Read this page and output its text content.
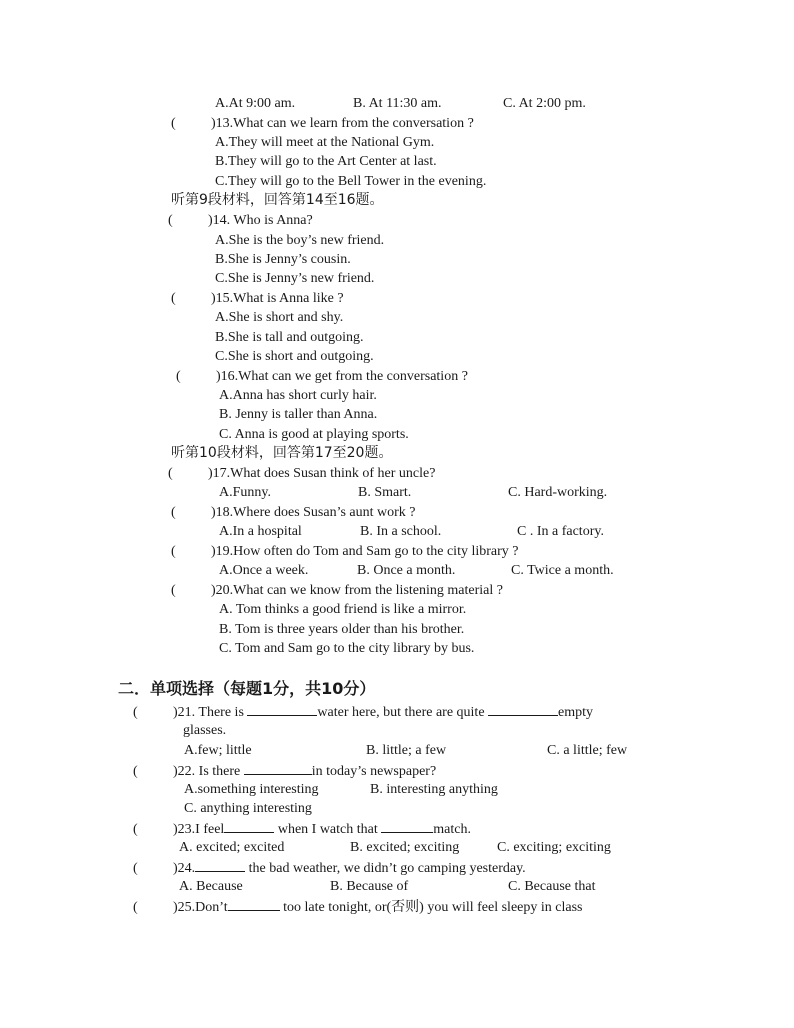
A.At 9:00 am.	B. At 11:30 am.	C. At 2:00 pm.
(	)13.What can we learn from the conversation ?
A.They will meet at the National Gym.
B.They will go to the Art Center at last.
C.They will go to the Bell Tower in the evening.
听第9段材料，回答第14至16题。
(	)14. Who is Anna?
A.She is the boy’s new friend.
B.She is Jenny’s cousin.
C.She is Jenny’s new friend.
(	)15.What is Anna like ?
A.She is short and shy.
B.She is tall and outgoing.
C.She is short and outgoing.
(	)16.What can we get from the conversation ?
A.Anna has short curly hair.
B. Jenny is taller than Anna.
C. Anna is good at playing sports.
听第10段材料，回答第17至20题。
(	)17.What does Susan think of her uncle?
A.Funny.	B. Smart.	C. Hard-working.
(	)18.Where does Susan’s aunt work ?
A.In a hospital	B. In a school.	C . In a factory.
(	)19.How often do Tom and Sam go to the city library ?
A.Once a week.	B. Once a month.	C. Twice a month.
(	)20.What can we know from the listening material ?
A. Tom thinks a good friend is like a mirror.
B. Tom is three years older than his brother.
C. Tom and Sam go to the city library by bus.
二．单项选择（每题1分，共10分）
(	)21. There is	water here, but there are quite	empty
glasses.
A.few; little	B. little; a few	C. a little; few
(	)22. Is there	in today’s newspaper?
A.something interesting	B. interesting anything
C. anything interesting
(	)23.I feel	when I watch that	match.
A. excited; excited	B. excited; exciting	C. exciting; exciting
(	)24.	the bad weather, we didn’t go camping yesterday.
A. Because	B. Because of	C. Because that
(	)25.Don’t	too late tonight, or(否则) you will feel sleepy in class
